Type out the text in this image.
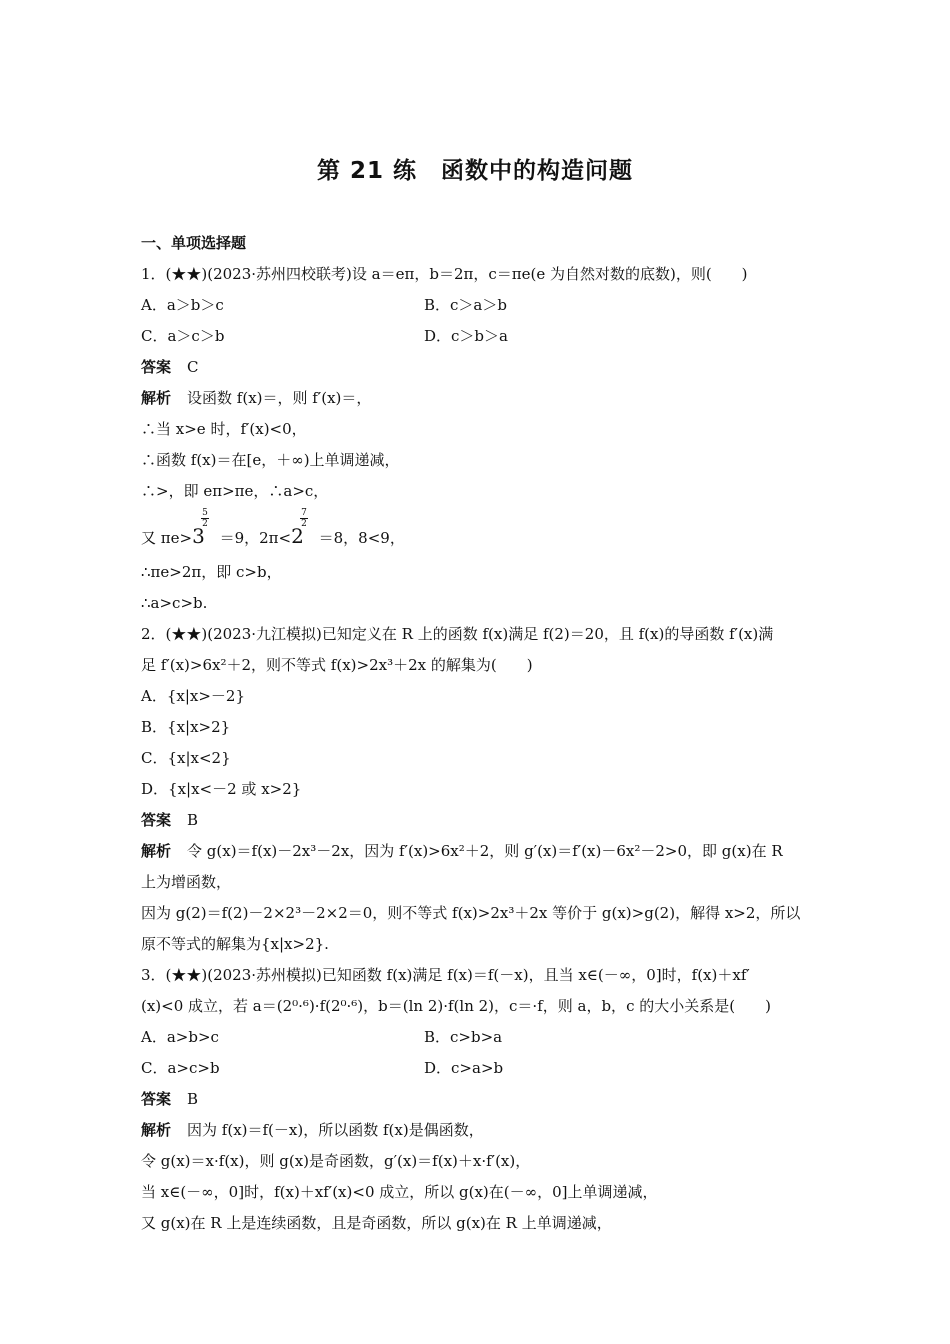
第 21 练　函数中的构造问题
一、单项选择题
1．(★★)(2023·苏州四校联考)设 a＝eπ，b＝2π，c＝πe(e 为自然对数的底数)，则(　　)
A．a＞b＞c	B．c＞a＞b
C．a＞c＞b	D．c＞b＞a
答案 C
解析 设函数 f(x)＝，则 f′(x)＝，
∴当 x>e 时，f′(x)<0，
∴函数 f(x)＝在[e，＋∞)上单调递减，
∴>，即 eπ>πe，∴a>c，
又 πe>3
$\frac{5}{2}$
＝9，2π<2
$\frac{7}{2}$
＝8，8<9，
∴πe>2π，即 c>b，
∴a>c>b.
2．(★★)(2023·九江模拟)已知定义在 R 上的函数 f(x)满足 f(2)＝20，且 f(x)的导函数 f′(x)满
足 f′(x)>6x²＋2，则不等式 f(x)>2x³＋2x 的解集为(　　)
A．{x|x>－2}
B．{x|x>2}
C．{x|x<2}
D．{x|x<－2 或 x>2}
答案 B
解析 令 g(x)＝f(x)－2x³－2x，因为 f′(x)>6x²＋2，则 g′(x)＝f′(x)－6x²－2>0，即 g(x)在 R
上为增函数，
因为 g(2)＝f(2)－2×2³－2×2＝0，则不等式 f(x)>2x³＋2x 等价于 g(x)>g(2)，解得 x>2，所以
原不等式的解集为{x|x>2}.
3．(★★)(2023·苏州模拟)已知函数 f(x)满足 f(x)＝f(－x)，且当 x∈(－∞，0]时，f(x)＋xf′
(x)<0 成立，若 a＝(2⁰·⁶)·f(2⁰·⁶)，b＝(ln 2)·f(ln 2)，c＝·f，则 a，b，c 的大小关系是(　　)
A．a>b>c	B．c>b>a
C．a>c>b	D．c>a>b
答案 B
解析 因为 f(x)＝f(－x)，所以函数 f(x)是偶函数，
令 g(x)＝x·f(x)，则 g(x)是奇函数，g′(x)＝f(x)＋x·f′(x)，
当 x∈(－∞，0]时，f(x)＋xf′(x)<0 成立，所以 g(x)在(－∞，0]上单调递减，
又 g(x)在 R 上是连续函数，且是奇函数，所以 g(x)在 R 上单调递减，
